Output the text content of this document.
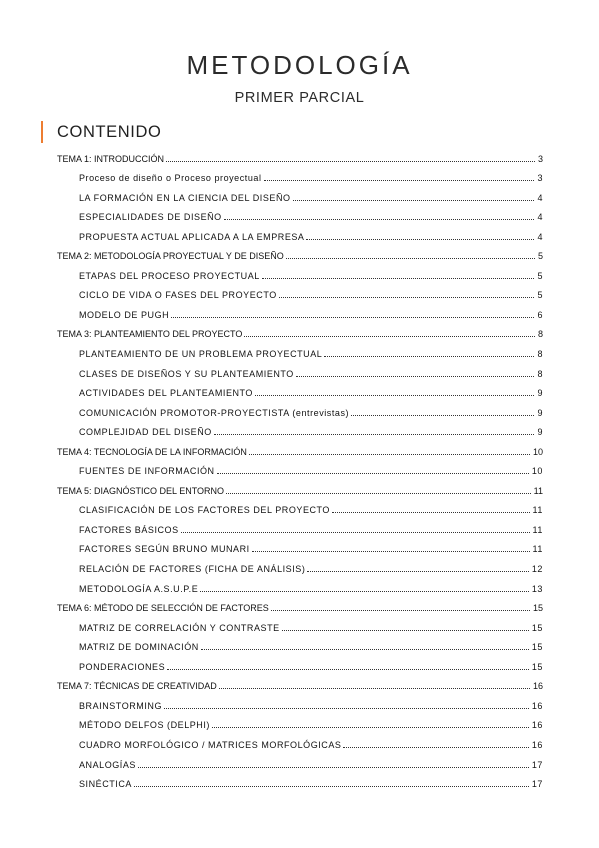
METODOLOGÍA
PRIMER PARCIAL
CONTENIDO
TEMA 1: INTRODUCCIÓN	3
Proceso de diseño o Proceso proyectual	3
LA FORMACIÓN EN LA CIENCIA DEL DISEÑO	4
ESPECIALIDADES DE DISEÑO	4
PROPUESTA ACTUAL APLICADA A LA EMPRESA	4
TEMA 2: METODOLOGÍA PROYECTUAL Y DE DISEÑO	5
ETAPAS DEL PROCESO PROYECTUAL	5
CICLO DE VIDA O FASES DEL PROYECTO	5
MODELO DE PUGH	6
TEMA 3: PLANTEAMIENTO DEL PROYECTO	8
PLANTEAMIENTO DE UN PROBLEMA PROYECTUAL	8
CLASES DE DISEÑOS Y SU PLANTEAMIENTO	8
ACTIVIDADES DEL PLANTEAMIENTO	9
COMUNICACIÓN PROMOTOR-PROYECTISTA (entrevistas)	9
COMPLEJIDAD DEL DISEÑO	9
TEMA 4: TECNOLOGÍA DE LA INFORMACIÓN	10
FUENTES DE INFORMACIÓN	10
TEMA 5: DIAGNÓSTICO DEL ENTORNO	11
CLASIFICACIÓN DE LOS FACTORES DEL PROYECTO	11
FACTORES BÁSICOS	11
FACTORES SEGÚN BRUNO MUNARI	11
RELACIÓN DE FACTORES (FICHA DE ANÁLISIS)	12
METODOLOGÍA A.S.U.P.E	13
TEMA 6: MÉTODO DE SELECCIÓN DE FACTORES	15
MATRIZ DE CORRELACIÓN Y CONTRASTE	15
MATRIZ DE DOMINACIÓN	15
PONDERACIONES	15
TEMA 7: TÉCNICAS DE CREATIVIDAD	16
BRAINSTORMING	16
MÉTODO DELFOS (DELPHI)	16
CUADRO MORFOLÓGICO / MATRICES MORFOLÓGICAS	16
ANALOGÍAS	17
SINÉCTICA	17
